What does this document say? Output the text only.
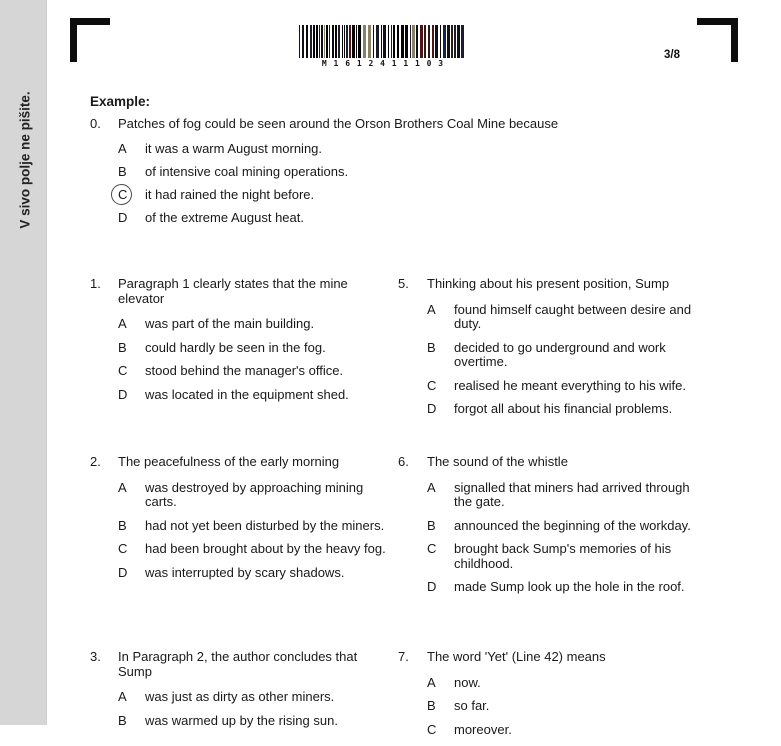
V sivo polje ne pišite.
M 1 6 1 2 4 1 1 1 0 3
3/8
Example:
0. Patches of fog could be seen around the Orson Brothers Coal Mine because
A	it was a warm August morning.
B	of intensive coal mining operations.
C	it had rained the night before.
D	of the extreme August heat.
1. Paragraph 1 clearly states that the mine elevator
A	was part of the main building.
B	could hardly be seen in the fog.
C	stood behind the manager's office.
D	was located in the equipment shed.
5. Thinking about his present position, Sump
A	found himself caught between desire and duty.
B	decided to go underground and work overtime.
C	realised he meant everything to his wife.
D	forgot all about his financial problems.
2. The peacefulness of the early morning
A	was destroyed by approaching mining carts.
B	had not yet been disturbed by the miners.
C	had been brought about by the heavy fog.
D	was interrupted by scary shadows.
6. The sound of the whistle
A	signalled that miners had arrived through the gate.
B	announced the beginning of the workday.
C	brought back Sump's memories of his childhood.
D	made Sump look up the hole in the roof.
3. In Paragraph 2, the author concludes that Sump
A	was just as dirty as other miners.
B	was warmed up by the rising sun.
7. The word 'Yet' (Line 42) means
A	now.
B	so far.
C	moreover.
